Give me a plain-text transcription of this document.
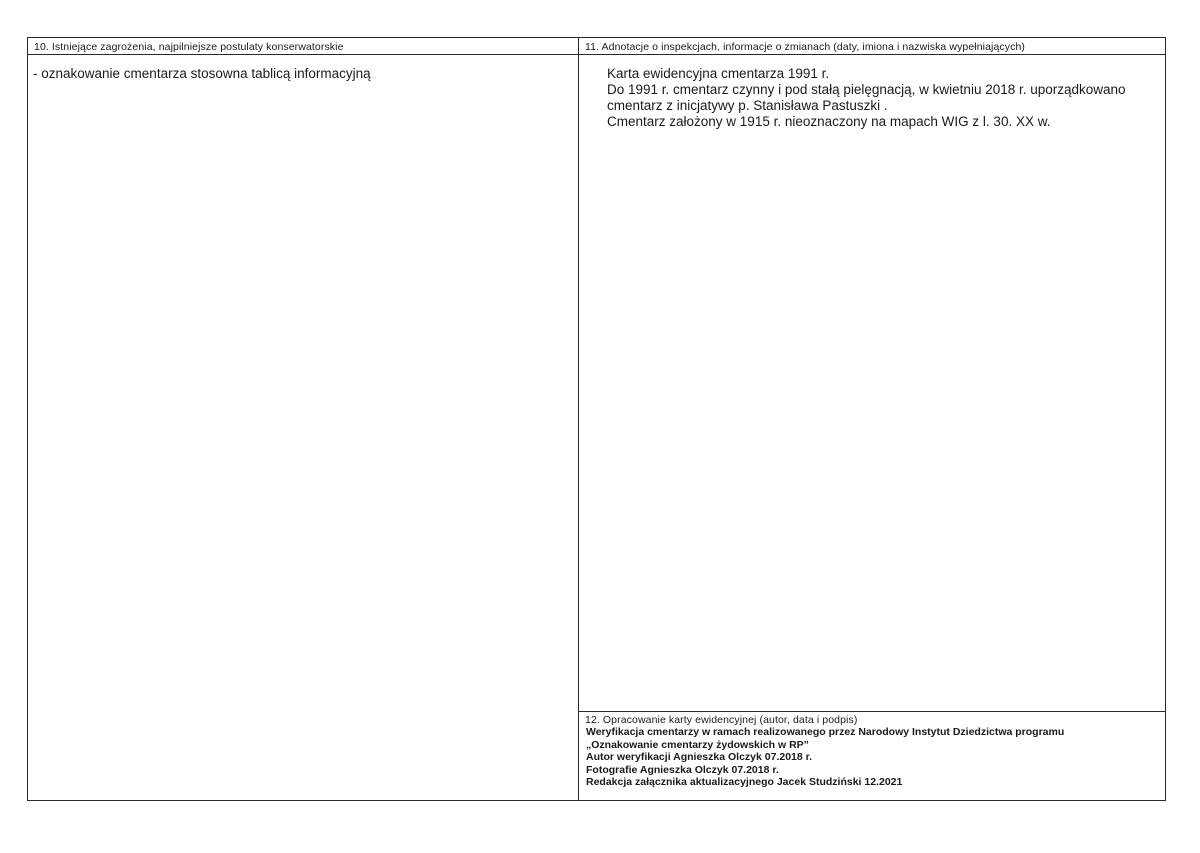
10. Istniejące zagrożenia, najpilniejsze postulaty konserwatorskie
- oznakowanie cmentarza stosowna tablicą informacyjną
11. Adnotacje o inspekcjach, informacje o zmianach (daty, imiona i nazwiska wypełniających)

Karta ewidencyjna cmentarza 1991 r.

Do 1991 r. cmentarz czynny i pod stałą pielęgnacją, w kwietniu 2018 r. uporządkowano cmentarz z inicjatywy p. Stanisława Pastuszki .

Cmentarz założony w 1915 r. nieoznaczony na mapach WIG z l. 30. XX w.

12. Opracowanie karty ewidencyjnej (autor, data i podpis)
Weryfikacja cmentarzy w ramach realizowanego przez Narodowy Instytut Dziedzictwa programu
„Oznakowanie cmentarzy żydowskich w RP”
Autor weryfikacji Agnieszka Olczyk 07.2018 r.
Fotografie Agnieszka Olczyk 07.2018 r.
Redakcja załącznika aktualizacyjnego Jacek Studziński 12.2021
